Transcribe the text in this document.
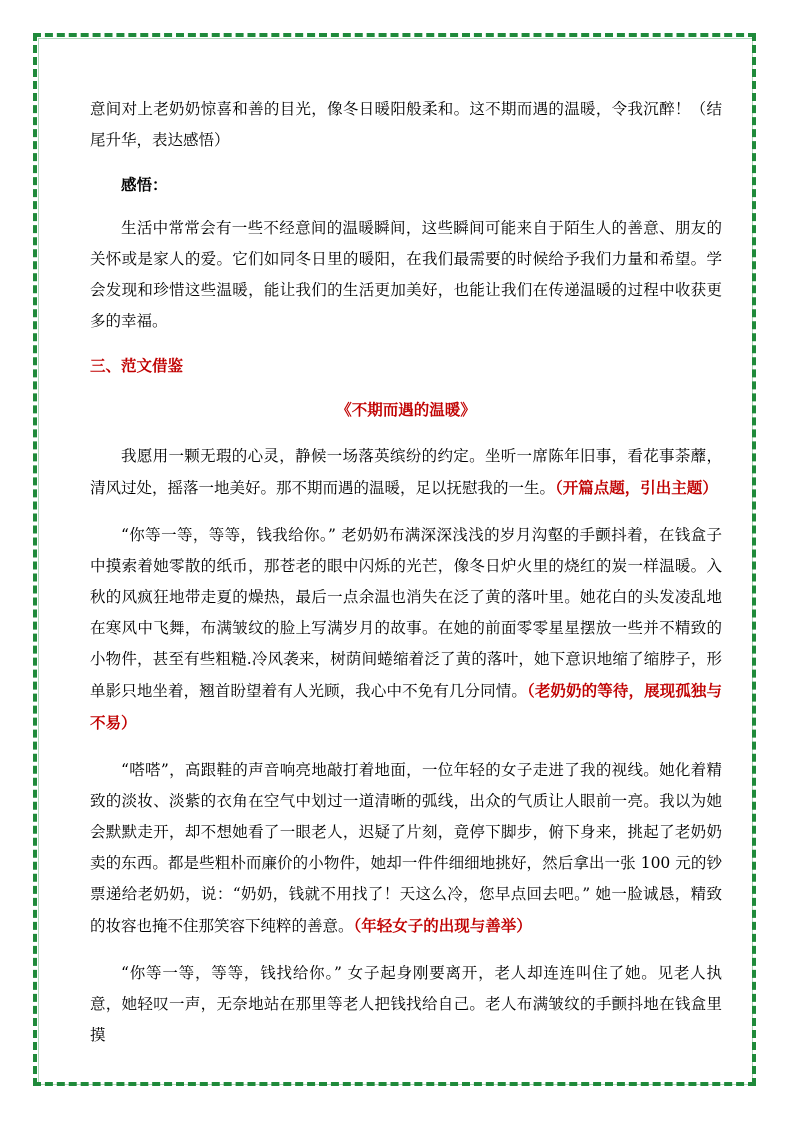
意间对上老奶奶惊喜和善的目光，像冬日暖阳般柔和。这不期而遇的温暖，令我沉醉！（结尾升华，表达感悟）

感悟：

生活中常常会有一些不经意间的温暖瞬间，这些瞬间可能来自于陌生人的善意、朋友的关怀或是家人的爱。它们如同冬日里的暖阳，在我们最需要的时候给予我们力量和希望。学会发现和珍惜这些温暖，能让我们的生活更加美好，也能让我们在传递温暖的过程中收获更多的幸福。

三、范文借鉴

《不期而遇的温暖》

我愿用一颗无瑕的心灵，静候一场落英缤纷的约定。坐听一席陈年旧事，看花事荼蘼，清风过处，摇落一地美好。那不期而遇的温暖，足以抚慰我的一生。（开篇点题，引出主题）

“你等一等，等等，钱我给你。” 老奶奶布满深深浅浅的岁月沟壑的手颤抖着，在钱盒子中摸索着她零散的纸币，那苍老的眼中闪烁的光芒，像冬日炉火里的烧红的炭一样温暖。入秋的风疯狂地带走夏的燥热，最后一点余温也消失在泛了黄的落叶里。她花白的头发凌乱地在寒风中飞舞，布满皱纹的脸上写满岁月的故事。在她的前面零零星星摆放一些并不精致的小物件，甚至有些粗糙.冷风袭来，树荫间蜷缩着泛了黄的落叶，她下意识地缩了缩脖子，形单影只地坐着，翘首盼望着有人光顾，我心中不免有几分同情。（老奶奶的等待，展现孤独与不易）

“嗒嗒”，高跟鞋的声音响亮地敲打着地面，一位年轻的女子走进了我的视线。她化着精致的淡妆、淡紫的衣角在空气中划过一道清晰的弧线，出众的气质让人眼前一亮。我以为她会默默走开，却不想她看了一眼老人，迟疑了片刻，竟停下脚步，俯下身来，挑起了老奶奶卖的东西。都是些粗朴而廉价的小物件，她却一件件细细地挑好，然后拿出一张 100 元的钞票递给老奶奶，说：“奶奶，钱就不用找了！天这么冷，您早点回去吧。” 她一脸诚恳，精致的妆容也掩不住那笑容下纯粹的善意。（年轻女子的出现与善举）

“你等一等，等等，钱找给你。” 女子起身刚要离开，老人却连连叫住了她。见老人执意，她轻叹一声，无奈地站在那里等老人把钱找给自己。老人布满皱纹的手颤抖地在钱盒里摸
